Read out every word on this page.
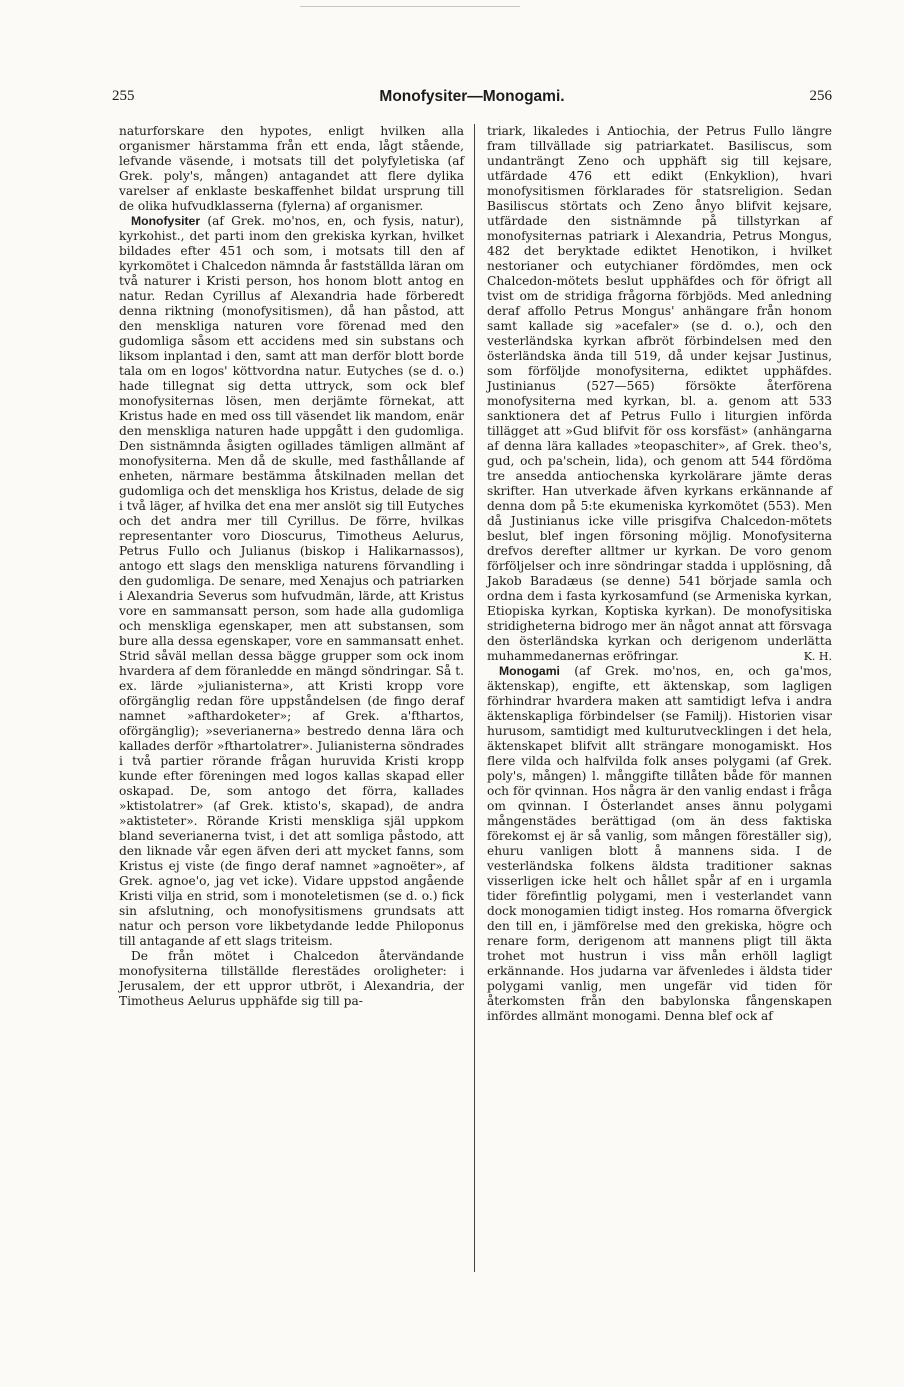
255	Monofysiter—Monogami.	256

naturforskare den hypotes, enligt hvilken alla organismer härstamma från ett enda, lågt stående, lefvande väsende, i motsats till det polyfyletiska (af Grek. poly's, mången) antagandet att flere dylika varelser af enklaste beskaffenhet bildat ursprung till de olika hufvudklasserna (fylerna) af organismer.

Monofysiter (af Grek. mo'nos, en, och fysis, natur), kyrkohist., det parti inom den grekiska kyrkan, hvilket bildades efter 451 och som, i motsats till den af kyrkomötet i Chalcedon nämnda år fastställda läran om två naturer i Kristi person, hos honom blott antog en natur. Redan Cyrillus af Alexandria hade förberedt denna riktning (monofysitismen), då han påstod, att den menskliga naturen vore förenad med den gudomliga såsom ett accidens med sin substans och liksom inplantad i den, samt att man derför blott borde tala om en logos' köttvordna natur. Eutyches (se d. o.) hade tillegnat sig detta uttryck, som ock blef monofysiternas lösen, men derjämte förnekat, att Kristus hade en med oss till väsendet lik mandom, enär den menskliga naturen hade uppgått i den gudomliga. Den sistnämnda åsigten ogillades tämligen allmänt af monofysiterna. Men då de skulle, med fasthållande af enheten, närmare bestämma åtskilnaden mellan det gudomliga och det menskliga hos Kristus, delade de sig i två läger, af hvilka det ena mer anslöt sig till Eutyches och det andra mer till Cyrillus. De förre, hvilkas representanter voro Dioscurus, Timotheus Aelurus, Petrus Fullo och Julianus (biskop i Halikarnassos), antogo ett slags den menskliga naturens förvandling i den gudomliga. De senare, med Xenajus och patriarken i Alexandria Severus som hufvudmän, lärde, att Kristus vore en sammansatt person, som hade alla gudomliga och menskliga egenskaper, men att substansen, som bure alla dessa egenskaper, vore en sammansatt enhet. Strid såväl mellan dessa bägge grupper som ock inom hvardera af dem föranledde en mängd söndringar. Så t. ex. lärde »julianisterna», att Kristi kropp vore oförgänglig redan före uppståndelsen (de fingo deraf namnet »afthardoketer»; af Grek. a'fthartos, oförgänglig); »severianerna» bestredo denna lära och kallades derför »fthartolatrer». Julianisterna söndrades i två partier rörande frågan huruvida Kristi kropp kunde efter föreningen med logos kallas skapad eller oskapad. De, som antogo det förra, kallades »ktistolatrer» (af Grek. ktisto's, skapad), de andra »aktisteter». Rörande Kristi menskliga själ uppkom bland severianerna tvist, i det att somliga påstodo, att den liknade vår egen äfven deri att mycket fanns, som Kristus ej viste (de fingo deraf namnet »agnoëter», af Grek. agnoe'o, jag vet icke). Vidare uppstod angående Kristi vilja en strid, som i monoteletismen (se d. o.) fick sin afslutning, och monofysitismens grundsats att natur och person vore likbetydande ledde Philoponus till antagande af ett slags triteism.

De från mötet i Chalcedon återvändande monofysiterna tillställde flerestädes oroligheter: i Jerusalem, der ett uppror utbröt, i Alexandria, der Timotheus Aelurus upphäfde sig till pa-

triark, likaledes i Antiochia, der Petrus Fullo längre fram tillvällade sig patriarkatet. Basiliscus, som undanträngt Zeno och upphäft sig till kejsare, utfärdade 476 ett edikt (Enkyklion), hvari monofysitismen förklarades för statsreligion. Sedan Basiliscus störtats och Zeno ånyo blifvit kejsare, utfärdade den sistnämnde på tillstyrkan af monofysiternas patriark i Alexandria, Petrus Mongus, 482 det beryktade ediktet Henotikon, i hvilket nestorianer och eutychianer fördömdes, men ock Chalcedon-mötets beslut upphäfdes och för öfrigt all tvist om de stridiga frågorna förbjöds. Med anledning deraf affollo Petrus Mongus' anhängare från honom samt kallade sig »acefaler» (se d. o.), och den vesterländska kyrkan afbröt förbindelsen med den österländska ända till 519, då under kejsar Justinus, som förföljde monofysiterna, ediktet upphäfdes. Justinianus (527—565) försökte återförena monofysiterna med kyrkan, bl. a. genom att 533 sanktionera det af Petrus Fullo i liturgien införda tillägget att »Gud blifvit för oss korsfäst» (anhängarna af denna lära kallades »teopaschiter», af Grek. theo's, gud, och pa'schein, lida), och genom att 544 fördöma tre ansedda antiochenska kyrkolärare jämte deras skrifter. Han utverkade äfven kyrkans erkännande af denna dom på 5:te ekumeniska kyrkomötet (553). Men då Justinianus icke ville prisgifva Chalcedon-mötets beslut, blef ingen försoning möjlig. Monofysiterna drefvos derefter alltmer ur kyrkan. De voro genom förföljelser och inre söndringar stadda i upplösning, då Jakob Baradæus (se denne) 541 började samla och ordna dem i fasta kyrkosamfund (se Armeniska kyrkan, Etiopiska kyrkan, Koptiska kyrkan). De monofysitiska stridigheterna bidrogo mer än något annat att försvaga den österländska kyrkan och derigenom underlätta muhammedanernas eröfringar.	K. H.

Monogami (af Grek. mo'nos, en, och ga'mos, äktenskap), engifte, ett äktenskap, som lagligen förhindrar hvardera maken att samtidigt lefva i andra äktenskapliga förbindelser (se Familj). Historien visar hurusom, samtidigt med kulturutvecklingen i det hela, äktenskapet blifvit allt strängare monogamiskt. Hos flere vilda och halfvilda folk anses polygami (af Grek. poly's, mången) l. månggifte tillåten både för mannen och för qvinnan. Hos några är den vanlig endast i fråga om qvinnan. I Österlandet anses ännu polygami mångenstädes berättigad (om än dess faktiska förekomst ej är så vanlig, som mången föreställer sig), ehuru vanligen blott å mannens sida. I de vesterländska folkens äldsta traditioner saknas visserligen icke helt och hållet spår af en i urgamla tider förefintlig polygami, men i vesterlandet vann dock monogamien tidigt insteg. Hos romarna öfvergick den till en, i jämförelse med den grekiska, högre och renare form, derigenom att mannens pligt till äkta trohet mot hustrun i viss mån erhöll lagligt erkännande. Hos judarna var äfvenledes i äldsta tider polygami vanlig, men ungefär vid tiden för återkomsten från den babylonska fångenskapen infördes allmänt monogami. Denna blef ock af
